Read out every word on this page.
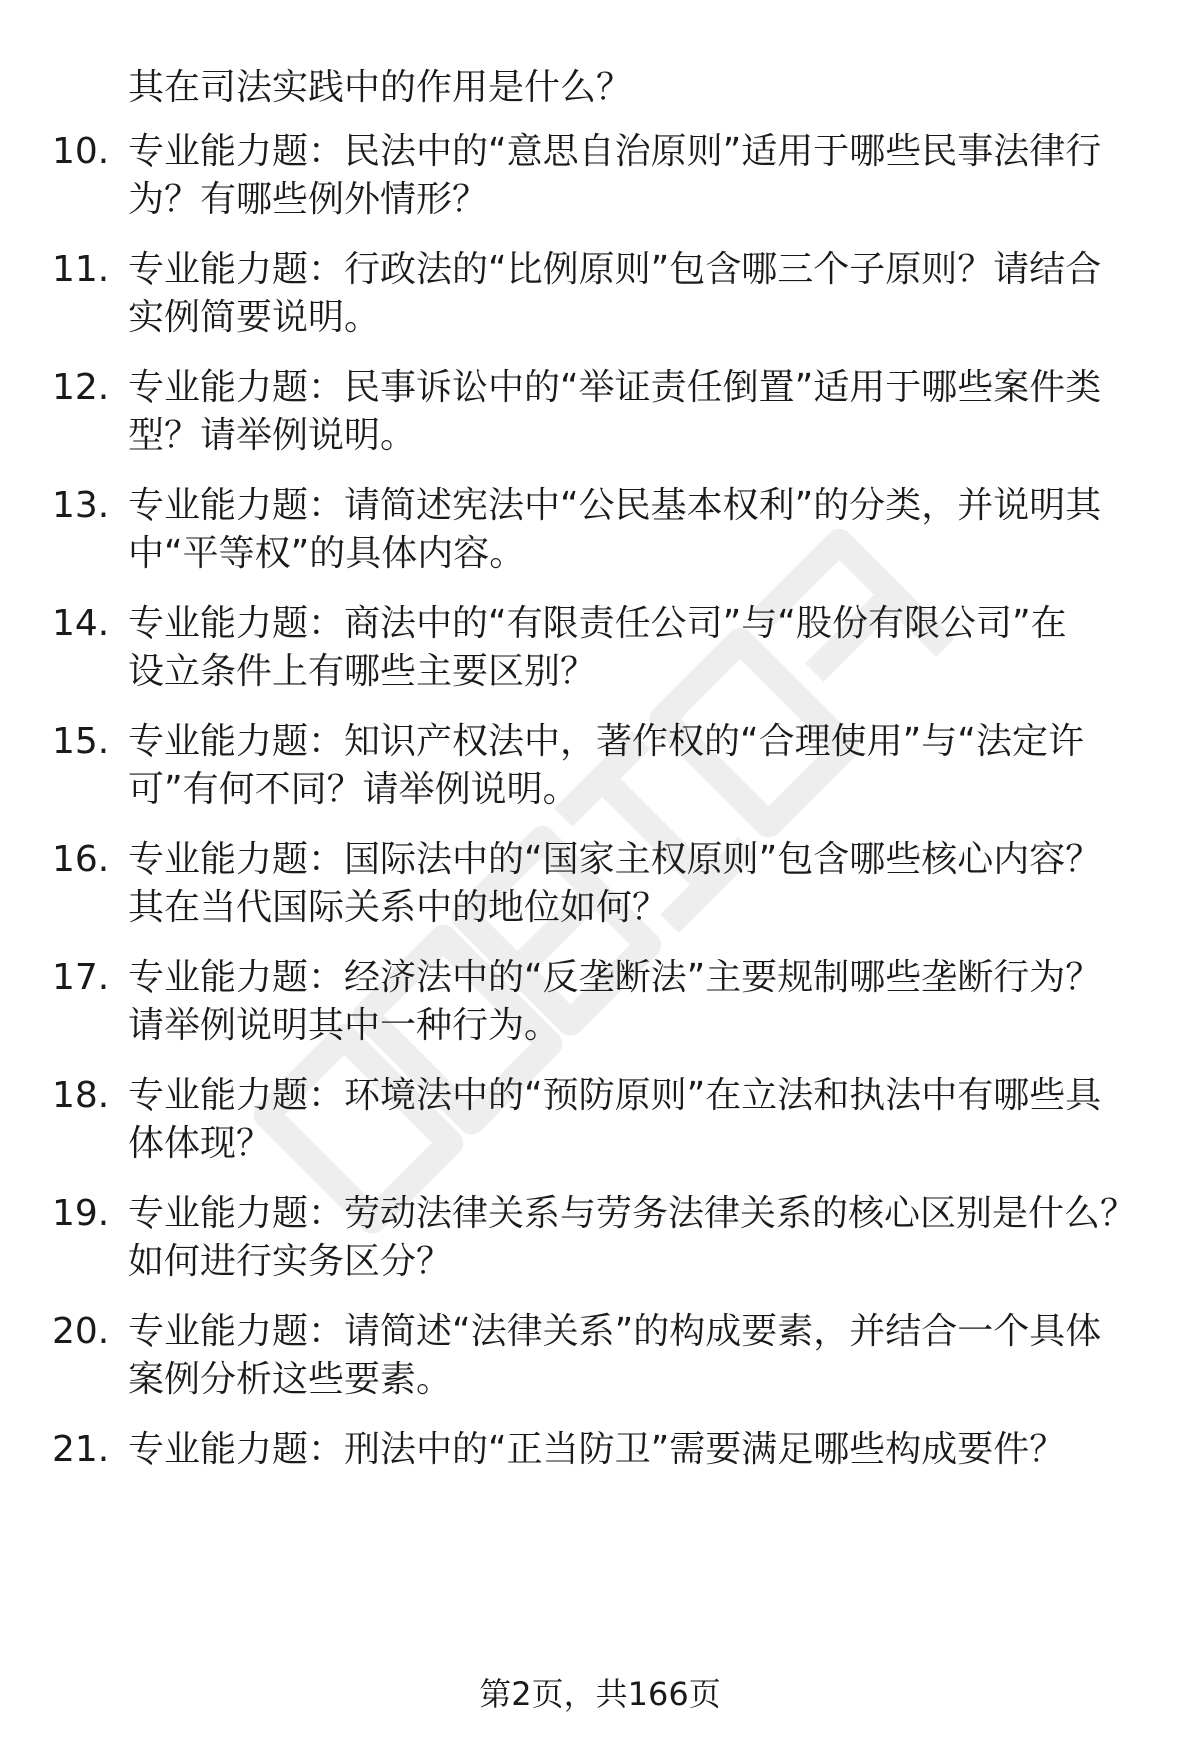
其在司法实践中的作用是什么？
10. 专业能力题：民法中的“意思自治原则”适用于哪些民事法律行
为？有哪些例外情形？
11. 专业能力题：行政法的“比例原则”包含哪三个子原则？请结合
实例简要说明。
12. 专业能力题：民事诉讼中的“举证责任倒置”适用于哪些案件类
型？请举例说明。
13. 专业能力题：请简述宪法中“公民基本权利”的分类，并说明其
中“平等权”的具体内容。
14. 专业能力题：商法中的“有限责任公司”与“股份有限公司”在
设立条件上有哪些主要区别？
15. 专业能力题：知识产权法中，著作权的“合理使用”与“法定许
可”有何不同？请举例说明。
16. 专业能力题：国际法中的“国家主权原则”包含哪些核心内容？
其在当代国际关系中的地位如何？
17. 专业能力题：经济法中的“反垄断法”主要规制哪些垄断行为？
请举例说明其中一种行为。
18. 专业能力题：环境法中的“预防原则”在立法和执法中有哪些具
体体现？
19. 专业能力题：劳动法律关系与劳务法律关系的核心区别是什么？
如何进行实务区分？
20. 专业能力题：请简述“法律关系”的构成要素，并结合一个具体
案例分析这些要素。
21. 专业能力题：刑法中的“正当防卫”需要满足哪些构成要件？
第2页，共166页
